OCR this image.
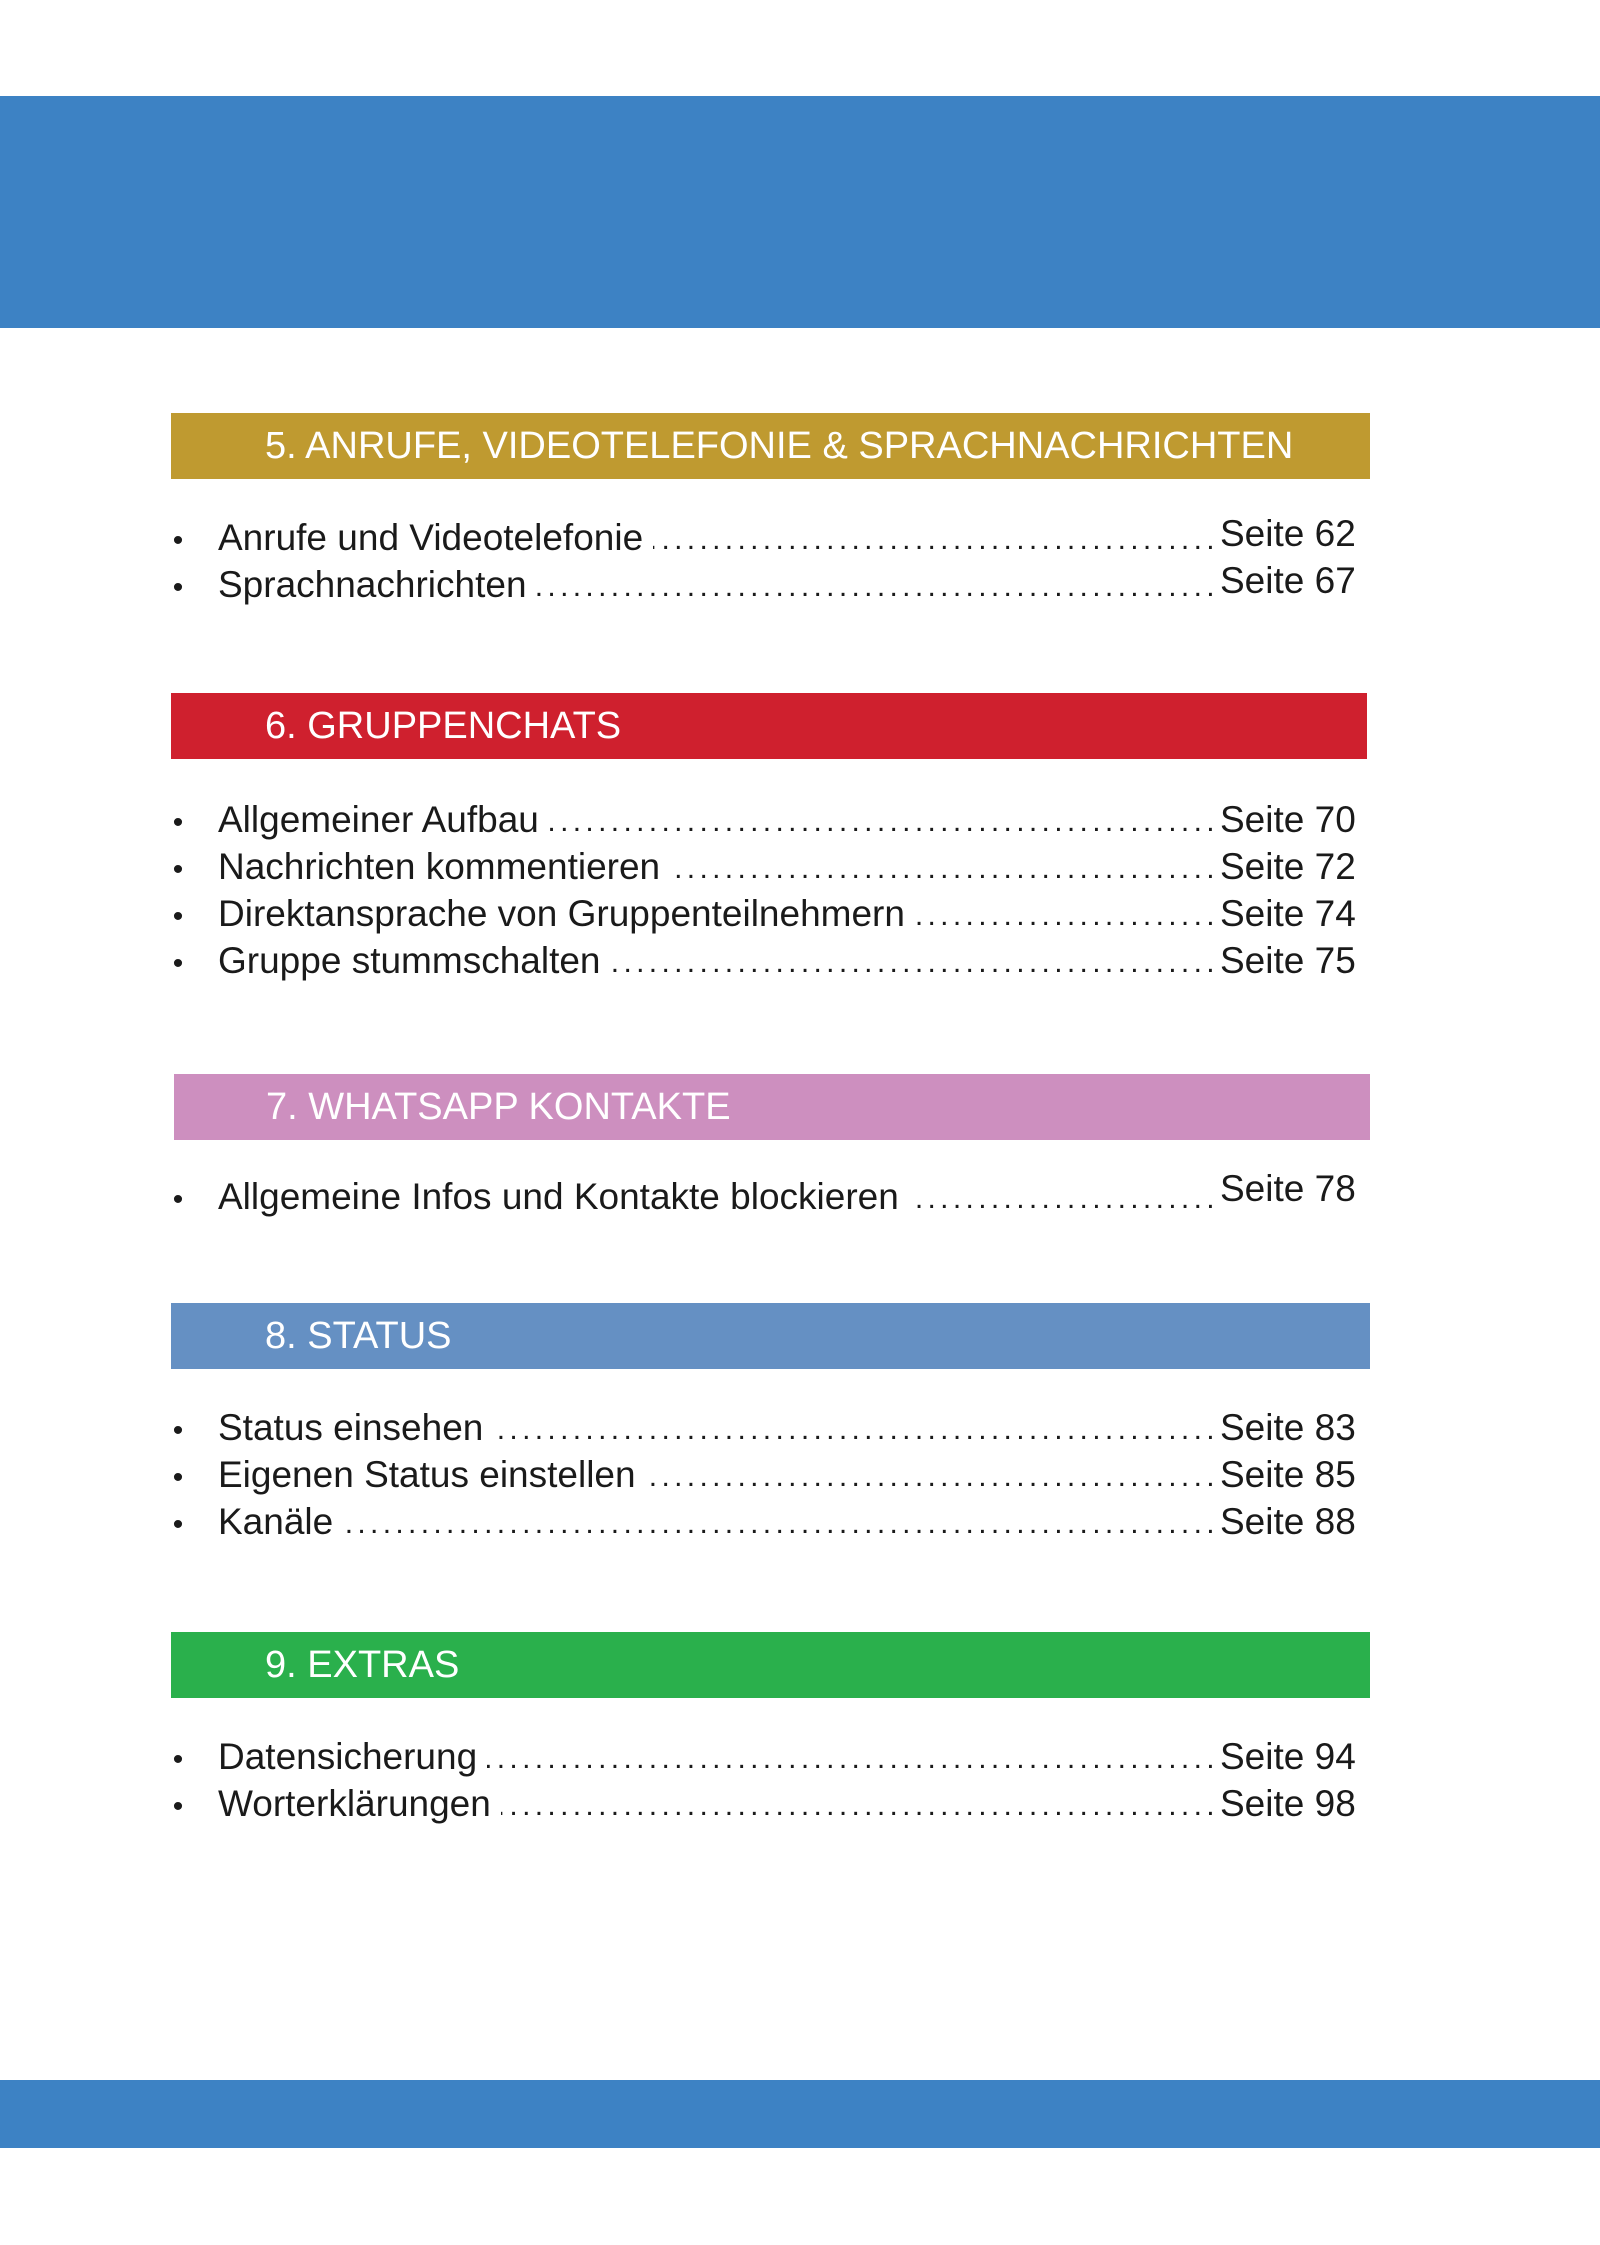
5. ANRUFE, VIDEOTELEFONIE & SPRACHNACHRICHTEN
• Anrufe und Videotelefonie . . .	Seite 62
• Sprachnachrichten . . .	Seite 67
6. GRUPPENCHATS
• Allgemeiner Aufbau . . .	Seite 70
• Nachrichten kommentieren . . .	Seite 72
• Direktansprache von Gruppenteilnehmern . . .	Seite 74
• Gruppe stummschalten . . .	Seite 75
7. WHATSAPP KONTAKTE
• Allgemeine Infos und Kontakte blockieren . . .	Seite 78
8. STATUS
• Status einsehen . . .	Seite 83
• Eigenen Status einstellen . . .	Seite 85
• Kanäle . . .	Seite 88
9. EXTRAS
• Datensicherung . . .	Seite 94
• Worterklärungen . . .	Seite 98
